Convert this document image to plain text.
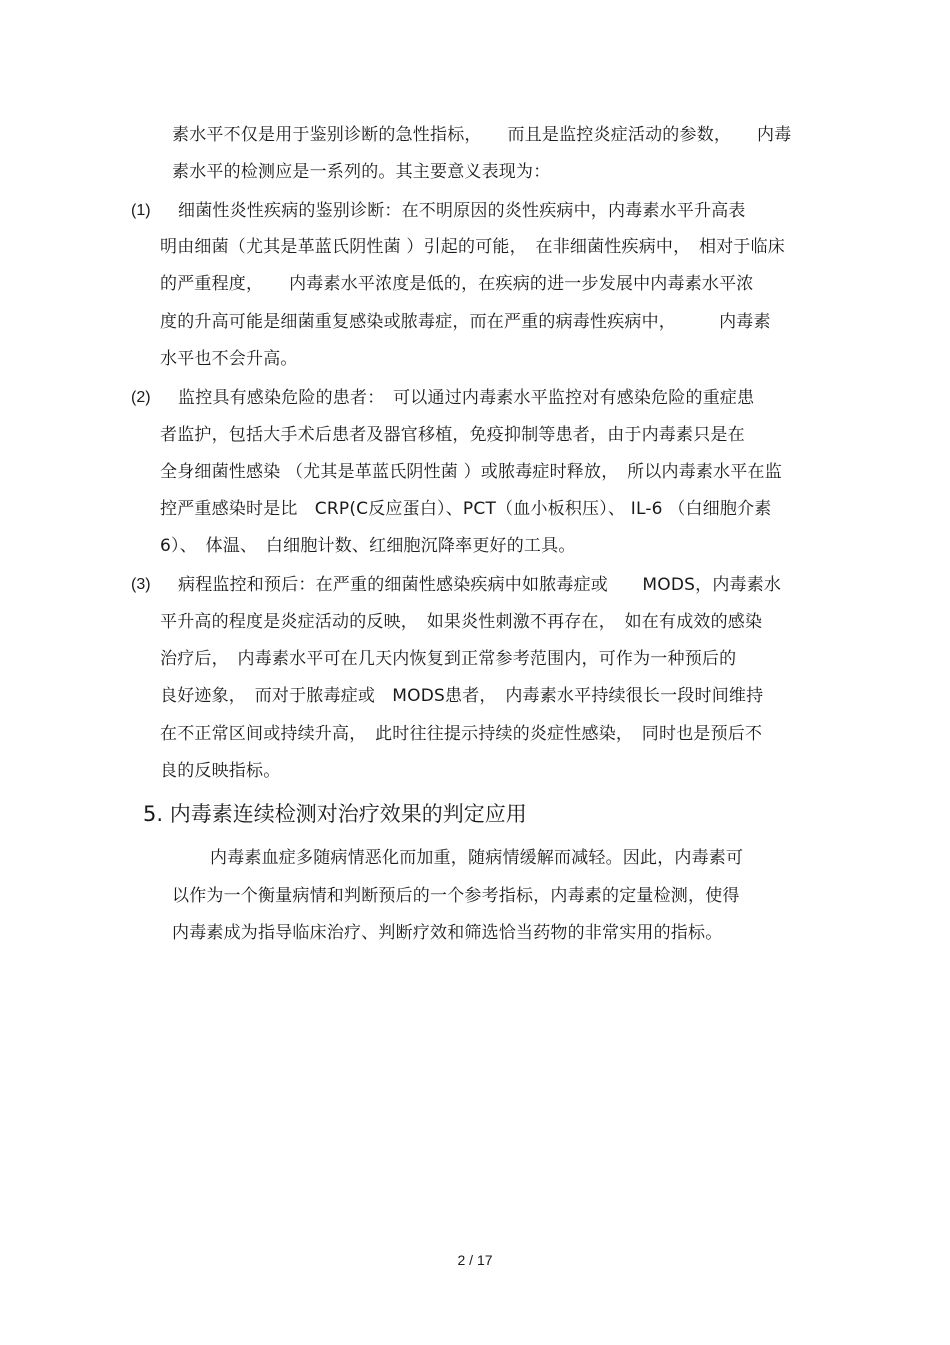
素水平不仅是用于鉴别诊断的急性指标，　　而且是监控炎症活动的参数，　　内毒
素水平的检测应是一系列的。其主要意义表现为：
(1) 细菌性炎性疾病的鉴别诊断：在不明原因的炎性疾病中，内毒素水平升高表
明由细菌（尤其是革蓝氏阴性菌 ）引起的可能，　在非细菌性疾病中，　相对于临床
的严重程度，　　内毒素水平浓度是低的，在疾病的进一步发展中内毒素水平浓
度的升高可能是细菌重复感染或脓毒症，而在严重的病毒性疾病中，　　　内毒素
水平也不会升高。
(2) 监控具有感染危险的患者：　可以通过内毒素水平监控对有感染危险的重症患
者监护，包括大手术后患者及器官移植，免疫抑制等患者，由于内毒素只是在
全身细菌性感染 （尤其是革蓝氏阴性菌 ）或脓毒症时释放，　所以内毒素水平在监
控严重感染时是比　CRP(C反应蛋白）、PCT（血小板积压）、 IL-6 （白细胞介素
6）、　体温、　白细胞计数、红细胞沉降率更好的工具。
(3) 病程监控和预后：在严重的细菌性感染疾病中如脓毒症或　　MODS，内毒素水
平升高的程度是炎症活动的反映，　如果炎性刺激不再存在，　如在有成效的感染
治疗后，　内毒素水平可在几天内恢复到正常参考范围内，可作为一种预后的
良好迹象，　而对于脓毒症或　MODS患者，　内毒素水平持续很长一段时间维持
在不正常区间或持续升高，　此时往往提示持续的炎症性感染，　同时也是预后不
良的反映指标。
5. 内毒素连续检测对治疗效果的判定应用
内毒素血症多随病情恶化而加重，随病情缓解而减轻。因此，内毒素可
以作为一个衡量病情和判断预后的一个参考指标，内毒素的定量检测，使得
内毒素成为指导临床治疗、判断疗效和筛选恰当药物的非常实用的指标。
2 / 17
